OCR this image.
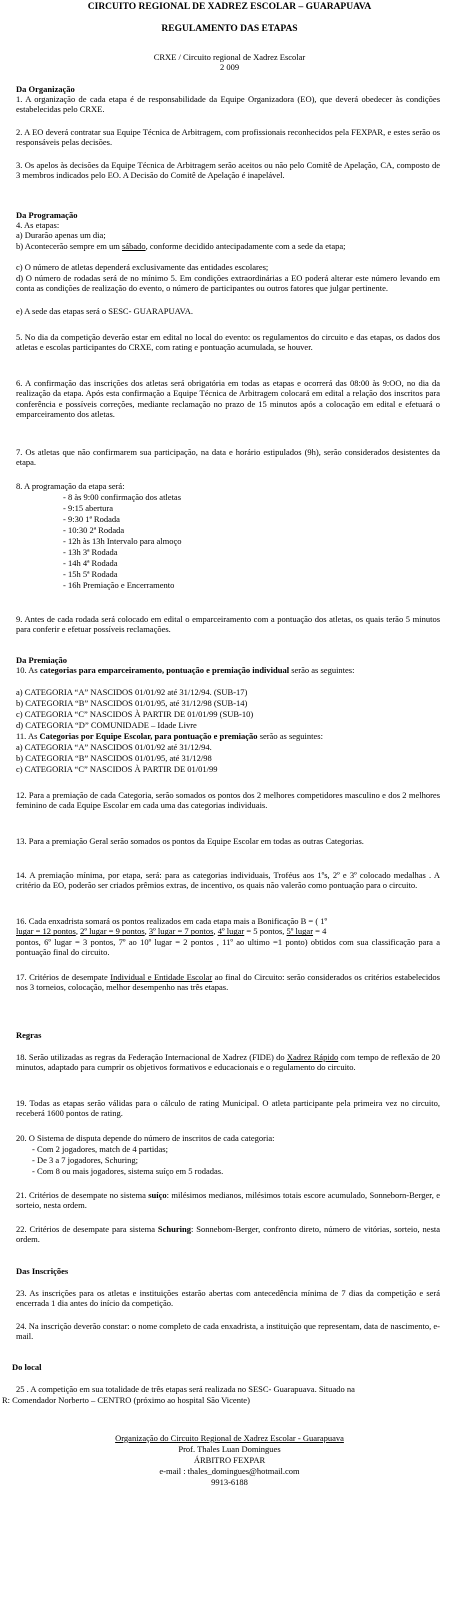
CIRCUITO REGIONAL DE XADREZ ESCOLAR – GUARAPUAVA
REGULAMENTO DAS ETAPAS
CRXE / Circuito regional de Xadrez Escolar
2 009
Da Organização
1. A organização de cada etapa é de responsabilidade da Equipe Organizadora (EO), que deverá obedecer às condições estabelecidas pelo CRXE.
2. A EO deverá contratar sua Equipe Técnica de Arbitragem, com profissionais reconhecidos pela FEXPAR, e estes serão os responsáveis pelas decisões.
3. Os apelos às decisões da Equipe Técnica de Arbitragem serão aceitos ou não pelo Comitê de Apelação, CA, composto de 3 membros indicados pelo EO. A Decisão do Comitê de Apelação é inapelável.
Da Programação
4. As etapas:
a) Durarão apenas um dia;
b) Acontecerão sempre em um sábado, conforme decidido antecipadamente com a sede da etapa;
c) O número de atletas dependerá exclusivamente das entidades escolares;
d) O número de rodadas será de no mínimo 5. Em condições extraordinárias a EO poderá alterar este número levando em conta as condições de realização do evento, o número de participantes ou outros fatores que julgar pertinente.
e) A sede das etapas será o SESC- GUARAPUAVA.
5. No dia da competição deverão estar em edital no local do evento: os regulamentos do circuito e das etapas, os dados dos atletas e escolas participantes do CRXE, com rating e pontuação acumulada, se houver.
6. A confirmação das inscrições dos atletas será obrigatória em todas as etapas e ocorrerá das 08:00 às 9:OO, no dia da realização da etapa. Após esta confirmação a Equipe Técnica de Arbitragem colocará em edital a relação dos inscritos para conferência e possíveis correções, mediante reclamação no prazo de 15 minutos após a colocação em edital e efetuará o emparceiramento dos atletas.
7. Os atletas que não confirmarem sua participação, na data e horário estipulados (9h), serão considerados desistentes da etapa.
8. A programação da etapa será:
- 8 às 9:00 confirmação dos atletas
- 9:15 abertura
- 9:30 1ª Rodada
- 10:30 2ª Rodada
- 12h às 13h Intervalo para almoço
- 13h 3ª Rodada
- 14h 4ª Rodada
- 15h 5ª Rodada
- 16h Premiação e Encerramento
9. Antes de cada rodada será colocado em edital o emparceiramento com a pontuação dos atletas, os quais terão 5 minutos para conferir e efetuar possíveis reclamações.
Da Premiação
10. As categorias para emparceiramento, pontuação e premiação individual serão as seguintes:
a) CATEGORIA “A” NASCIDOS 01/01/92 até 31/12/94. (SUB-17)
b) CATEGORIA “B” NASCIDOS 01/01/95, até 31/12/98 (SUB-14)
c) CATEGORIA “C” NASCIDOS À PARTIR DE 01/01/99 (SUB-10)
d) CATEGORIA “D” COMUNIDADE – Idade Livre
11. As Categorias por Equipe Escolar, para pontuação e premiação serão as seguintes:
a) CATEGORIA “A” NASCIDOS 01/01/92 até 31/12/94.
b) CATEGORIA “B” NASCIDOS 01/01/95, até 31/12/98
c) CATEGORIA “C” NASCIDOS À PARTIR DE 01/01/99
12. Para a premiação de cada Categoria, serão somados os pontos dos 2 melhores competidores masculino e dos 2 melhores feminino de cada Equipe Escolar em cada uma das categorias individuais.
13. Para a premiação Geral serão somados os pontos da Equipe Escolar em todas as outras Categorias.
14. A premiação mínima, por etapa, será: para as categorias individuais, Troféus aos 1ºs, 2º e 3º colocado medalhas . A critério da EO, poderão ser criados prêmios extras, de incentivo, os quais não valerão como pontuação para o circuito.
16. Cada enxadrista somará os pontos realizados em cada etapa mais a Bonificação B = ( 1º
lugar = 12 pontos, 2º lugar = 9 pontos, 3º lugar = 7 pontos, 4º lugar = 5 pontos, 5º lugar = 4
pontos, 6º lugar = 3 pontos, 7º ao 10º lugar = 2 pontos , 11º ao ultimo =1 ponto) obtidos com sua classificação para a pontuação final do circuito.
17. Critérios de desempate Individual e Entidade Escolar ao final do Circuito: serão considerados os critérios estabelecidos nos 3 torneios, colocação, melhor desempenho nas três etapas.
Regras
18. Serão utilizadas as regras da Federação Internacional de Xadrez (FIDE) do Xadrez Rápido com tempo de reflexão de 20 minutos, adaptado para cumprir os objetivos formativos e educacionais e o regulamento do circuito.
19. Todas as etapas serão válidas para o cálculo de rating Municipal. O atleta participante pela primeira vez no circuito, receberá 1600 pontos de rating.
20. O Sistema de disputa depende do número de inscritos de cada categoria:
- Com 2 jogadores, match de 4 partidas;
- De 3 a 7 jogadores, Schuring;
- Com 8 ou mais jogadores, sistema suíço em 5 rodadas.
21. Critérios de desempate no sistema suíço: milésimos medianos, milésimos totais escore acumulado, Sonneborn-Berger, e sorteio, nesta ordem.
22. Critérios de desempate para sistema Schuring: Sonnebom-Berger, confronto direto, número de vitórias, sorteio, nesta ordem.
Das Inscrições
23. As inscrições para os atletas e instituições estarão abertas com antecedência mínima de 7 dias da competição e será encerrada 1 dia antes do início da competição.
24. Na inscrição deverão constar: o nome completo de cada enxadrista, a instituição que representam, data de nascimento, e-mail.
Do local
25 . A competição em sua totalidade de três etapas será realizada no SESC- Guarapuava. Situado na
R: Comendador Norberto – CENTRO (próximo ao hospital São Vicente)
Organização do Circuito Regional de Xadrez Escolar - Guarapuava
Prof. Thales Luan Domingues
ÁRBITRO FEXPAR
e-mail : thales_domingues@hotmail.com
9913-6188
